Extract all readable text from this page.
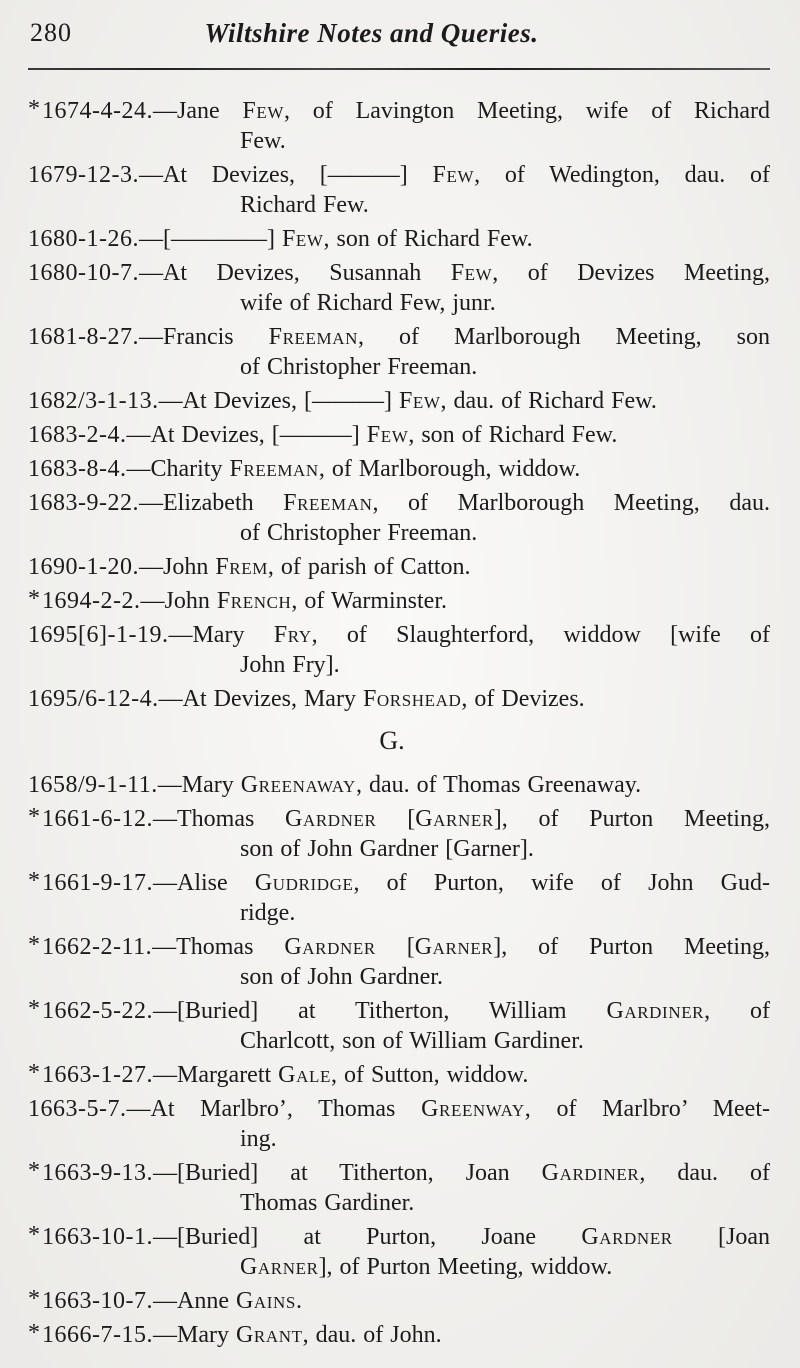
280	Wiltshire Notes and Queries.
*1674-4-24.—Jane Few, of Lavington Meeting, wife of Richard
Few.
1679-12-3.—At Devizes, [———] Few, of Wedington, dau. of
Richard Few.
1680-1-26.—[————] Few, son of Richard Few.
1680-10-7.—At Devizes, Susannah Few, of Devizes Meeting,
wife of Richard Few, junr.
1681-8-27.—Francis Freeman, of Marlborough Meeting, son
of Christopher Freeman.
1682/3-1-13.—At Devizes, [———] Few, dau. of Richard Few.
1683-2-4.—At Devizes, [———] Few, son of Richard Few.
1683-8-4.—Charity Freeman, of Marlborough, widdow.
1683-9-22.—Elizabeth Freeman, of Marlborough Meeting, dau.
of Christopher Freeman.
1690-1-20.—John Frem, of parish of Catton.
*1694-2-2.—John French, of Warminster.
1695[6]-1-19.—Mary Fry, of Slaughterford, widdow [wife of
John Fry].
1695/6-12-4.—At Devizes, Mary Forshead, of Devizes.
G.
1658/9-1-11.—Mary Greenaway, dau. of Thomas Greenaway.
*1661-6-12.—Thomas Gardner [Garner], of Purton Meeting,
son of John Gardner [Garner].
*1661-9-17.—Alise Gudridge, of Purton, wife of John Gud-
ridge.
*1662-2-11.—Thomas Gardner [Garner], of Purton Meeting,
son of John Gardner.
*1662-5-22.—[Buried] at Titherton, William Gardiner, of
Charlcott, son of William Gardiner.
*1663-1-27.—Margarett Gale, of Sutton, widdow.
1663-5-7.—At Marlbro’, Thomas Greenway, of Marlbro’ Meet-
ing.
*1663-9-13.—[Buried] at Titherton, Joan Gardiner, dau. of
Thomas Gardiner.
*1663-10-1.—[Buried] at Purton, Joane Gardner [Joan
Garner], of Purton Meeting, widdow.
*1663-10-7.—Anne Gains.
*1666-7-15.—Mary Grant, dau. of John.
